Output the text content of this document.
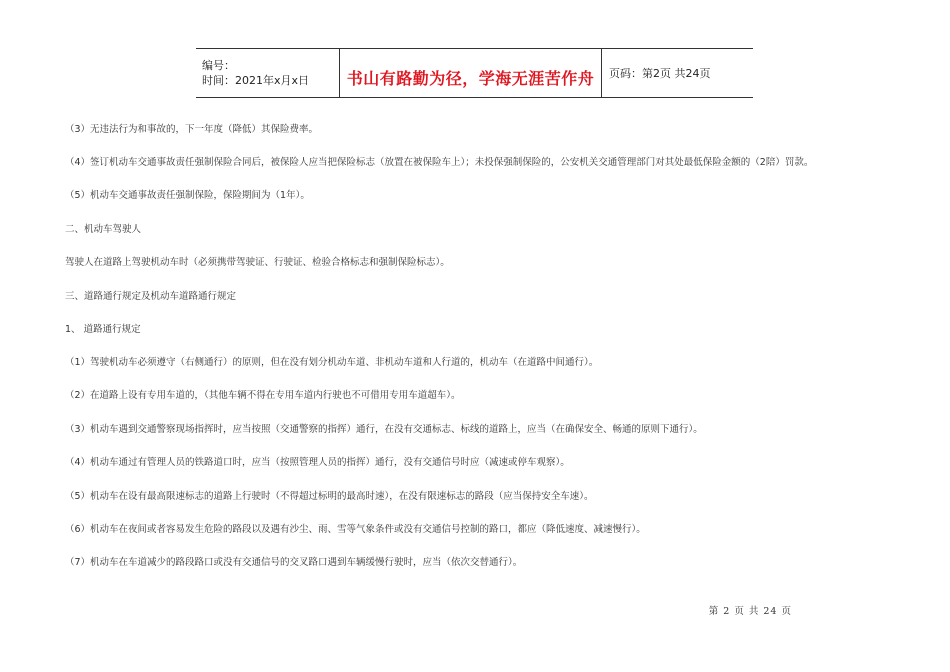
编号：
时间：2021年x月x日	书山有路勤为径，学海无涯苦作舟 页码：第2页 共24页
（3）无违法行为和事故的，下一年度（降低）其保险费率。
（4）签订机动车交通事故责任强制保险合同后，被保险人应当把保险标志（放置在被保险车上）；未投保强制保险的，公安机关交通管理部门对其处最低保险金额的（2陪）罚款。
（5）机动车交通事故责任强制保险，保险期间为（1年）。
二、机动车驾驶人
驾驶人在道路上驾驶机动车时（必须携带驾驶证、行驶证、检验合格标志和强制保险标志）。
三、道路通行规定及机动车道路通行规定
1、 道路通行规定
（1）驾驶机动车必须遵守（右侧通行）的原则，但在没有划分机动车道、非机动车道和人行道的，机动车（在道路中间通行）。
（2）在道路上设有专用车道的，（其他车辆不得在专用车道内行驶也不可借用专用车道超车）。
（3）机动车遇到交通警察现场指挥时，应当按照（交通警察的指挥）通行，在没有交通标志、标线的道路上，应当（在确保安全、畅通的原则下通行）。
（4）机动车通过有管理人员的铁路道口时，应当（按照管理人员的指挥）通行，没有交通信号时应（减速或停车观察）。
（5）机动车在设有最高限速标志的道路上行驶时（不得超过标明的最高时速），在没有限速标志的路段（应当保持安全车速）。
（6）机动车在夜间或者容易发生危险的路段以及遇有沙尘、雨、雪等气象条件或没有交通信号控制的路口，都应（降低速度、减速慢行）。
（7）机动车在车道减少的路段路口或没有交通信号的交叉路口遇到车辆缓慢行驶时，应当（依次交替通行）。
第 2 页 共 24 页
